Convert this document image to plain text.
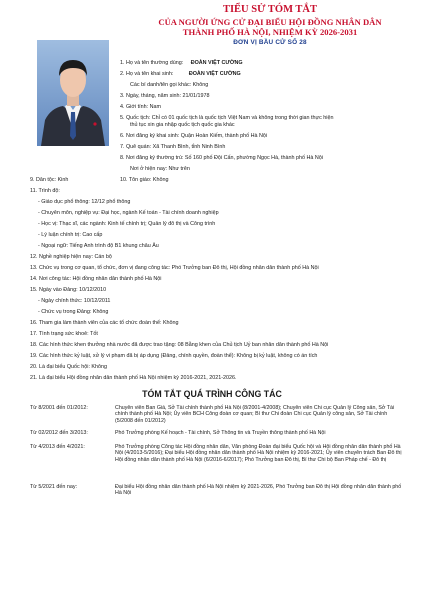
TIỂU SỬ TÓM TẮT
CỦA NGƯỜI ỨNG CỬ ĐẠI BIỂU HỘI ĐỒNG NHÂN DÂN
THÀNH PHỐ HÀ NỘI, NHIỆM KỲ 2026-2031
ĐƠN VỊ BẦU CỬ SỐ 28
1. Họ và tên thường dùng: ĐOÀN VIỆT CƯỜNG
2. Họ và tên khai sinh:	ĐOÀN VIỆT CƯỜNG
Các bí danh/tên gọi khác: Không
3. Ngày, tháng, năm sinh: 21/01/1978
4. Giới tính: Nam
5. Quốc tịch: Chỉ có 01 quốc tịch là quốc tịch Việt Nam và không trong thời gian thực hiện
thủ tục xin gia nhập quốc tịch quốc gia khác
6. Nơi đăng ký khai sinh: Quận Hoàn Kiếm, thành phố Hà Nội
7. Quê quán: Xã Thanh Bình, tỉnh Ninh Bình
8. Nơi đăng ký thường trú: Số 160 phố Đội Cấn, phường Ngọc Hà, thành phố Hà Nội
Nơi ở hiện nay: Như trên
9. Dân tộc: Kinh	10. Tôn giáo: Không
11. Trình độ:
- Giáo dục phổ thông: 12/12 phổ thông
- Chuyên môn, nghiệp vụ: Đại học, ngành Kế toán - Tài chính doanh nghiệp
- Học vị: Thạc sĩ, các ngành: Kinh tế chính trị; Quản lý đô thị và Công trình
- Lý luận chính trị: Cao cấp
- Ngoại ngữ: Tiếng Anh trình độ B1 khung châu Âu
12. Nghề nghiệp hiện nay: Cán bộ
13. Chức vụ trong cơ quan, tổ chức, đơn vị đang công tác: Phó Trưởng ban Đô thị, Hội đồng nhân dân thành phố Hà Nội
14. Nơi công tác: Hội đồng nhân dân thành phố Hà Nội
15. Ngày vào Đảng: 10/12/2010
- Ngày chính thức: 10/12/2011
- Chức vụ trong Đảng: Không
16. Tham gia làm thành viên của các tổ chức đoàn thể: Không
17. Tình trạng sức khoẻ: Tốt
18. Các hình thức khen thưởng nhà nước đã được trao tặng: 08 Bằng khen của Chủ tịch Uỷ ban nhân dân thành phố Hà Nội
19. Các hình thức kỷ luật, xử lý vi phạm đã bị áp dụng (Đảng, chính quyền, đoàn thể): Không bị kỷ luật, không có án tích
20. Là đại biểu Quốc hội: Không
21. Là đại biểu Hội đồng nhân dân thành phố Hà Nội nhiệm kỳ 2016-2021, 2021-2026.
TÓM TẮT QUÁ TRÌNH CÔNG TÁC
Từ 8/2001 đến 01/2012:	Chuyên viên Ban Giá, Sở Tài chính thành phố Hà Nội (8/2001-4/2008); Chuyên viên Chi cục Quản lý Công sản, Sở Tài chính thành phố Hà Nội; Ủy viên BCH Công đoàn cơ quan; Bí thư Chi đoàn Chi cục Quản lý công sản, Sở Tài chính (5/2008 đến 01/2012)
Từ 02/2012 đến 3/2013:	Phó Trưởng phòng Kế hoạch - Tài chính, Sở Thông tin và Truyền thông thành phố Hà Nội
Từ 4/2013 đến 4/2021:	Phó Trưởng phòng Công tác Hội đồng nhân dân, Văn phòng Đoàn đại biểu Quốc hội và Hội đồng nhân dân thành phố Hà Nội (4/2013-5/2016); Đại biểu Hội đồng nhân dân thành phố Hà Nội nhiệm kỳ 2016-2021; Ủy viên chuyên trách Ban Đô thị Hội đồng nhân dân thành phố Hà Nội (6/2016-6/2017); Phó Trưởng ban Đô thị, Bí thư Chi bộ Ban Pháp chế - Đô thị
Từ 5/2021 đến nay:	Đại biểu Hội đồng nhân dân thành phố Hà Nội nhiệm kỳ 2021-2026, Phó Trưởng ban Đô thị Hội đồng nhân dân thành phố Hà Nội
